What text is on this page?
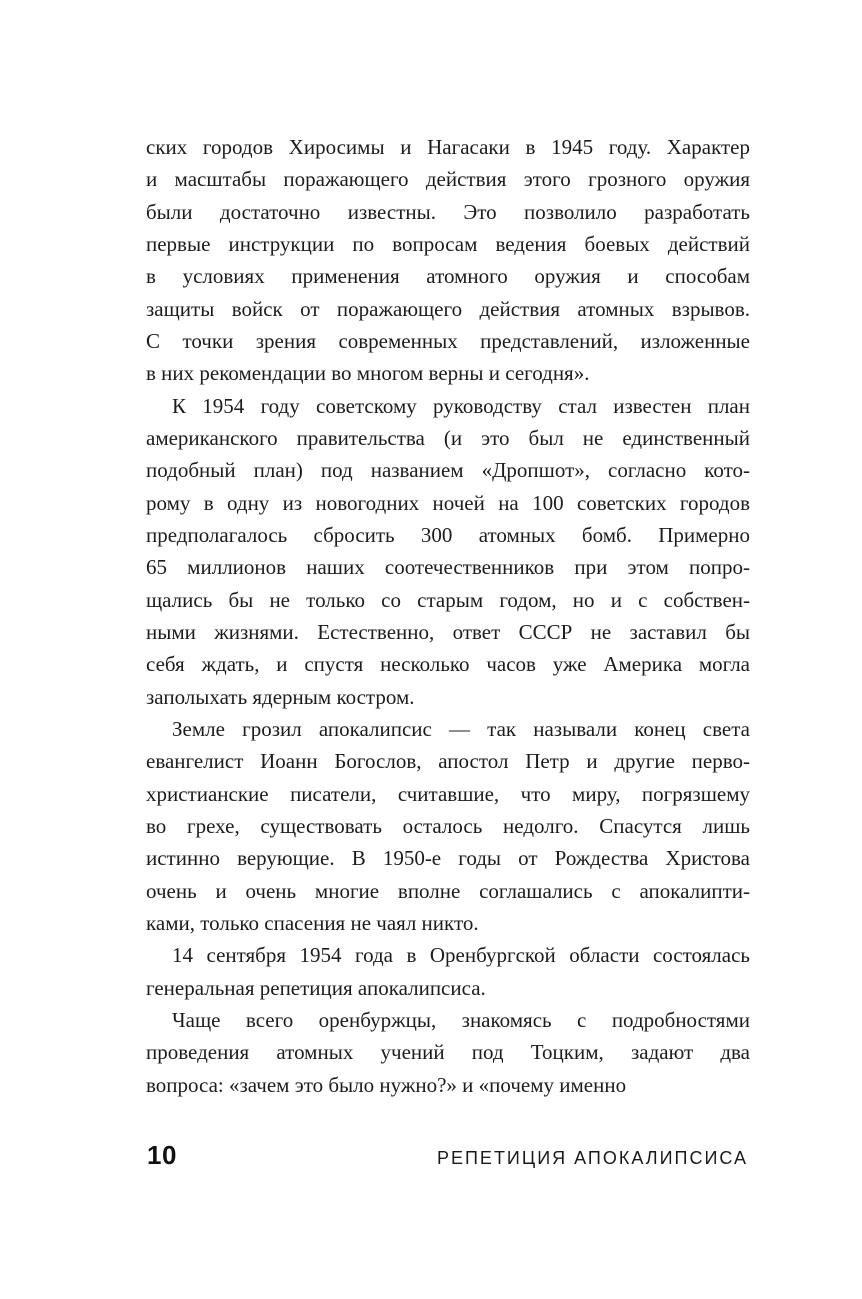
ских городов Хиросимы и Нагасаки в 1945 году. Характер
и масштабы поражающего действия этого грозного оружия
были достаточно известны. Это позволило разработать
первые инструкции по вопросам ведения боевых действий
в условиях применения атомного оружия и способам
защиты войск от поражающего действия атомных взрывов.
С точки зрения современных представлений, изложенные
в них рекомендации во многом верны и сегодня».

К 1954 году советскому руководству стал известен план
американского правительства (и это был не единственный
подобный план) под названием «Дропшот», согласно кото-
рому в одну из новогодних ночей на 100 советских городов
предполагалось сбросить 300 атомных бомб. Примерно
65 миллионов наших соотечественников при этом попро-
щались бы не только со старым годом, но и с собствен-
ными жизнями. Естественно, ответ СССР не заставил бы
себя ждать, и спустя несколько часов уже Америка могла
заполыхать ядерным костром.

Земле грозил апокалипсис — так называли конец света
евангелист Иоанн Богослов, апостол Петр и другие перво-
христианские писатели, считавшие, что миру, погрязшему
во грехе, существовать осталось недолго. Спасутся лишь
истинно верующие. В 1950-е годы от Рождества Христова
очень и очень многие вполне соглашались с апокалипти-
ками, только спасения не чаял никто.

14 сентября 1954 года в Оренбургской области состоялась
генеральная репетиция апокалипсиса.

Чаще всего оренбуржцы, знакомясь с подробностями
проведения атомных учений под Тоцким, задают два
вопроса: «зачем это было нужно?» и «почему именно

10	РЕПЕТИЦИЯ АПОКАЛИПСИСА
